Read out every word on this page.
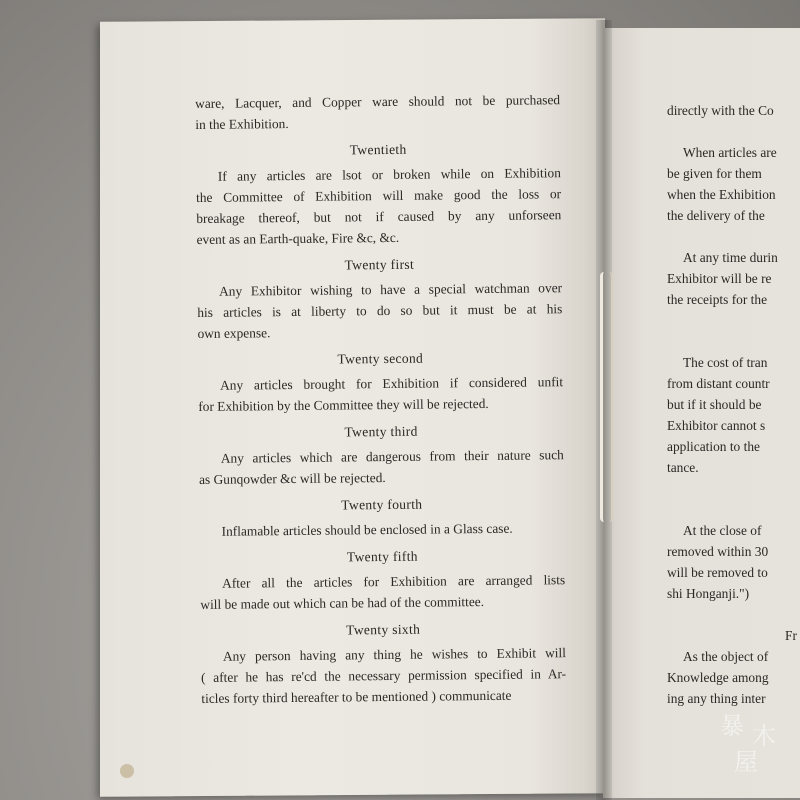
ware, Lacquer, and Copper ware should not be purchased

in the Exhibition.

Twentieth

If any articles are lsot or broken while on Exhibition

the Committee of Exhibition will make good the loss or

breakage thereof, but not if caused by any unforseen

event as an Earth-quake, Fire &c, &c.

Twenty first

Any Exhibitor wishing to have a special watchman over

his articles is at liberty to do so but it must be at his

own expense.

Twenty second

Any articles brought for Exhibition if considered unfit

for Exhibition by the Committee they will be rejected.

Twenty third

Any articles which are dangerous from their nature such

as Gunqowder &c will be rejected.

Twenty fourth

Inflamable articles should be enclosed in a Glass case.

Twenty fifth

After all the articles for Exhibition are arranged lists

will be made out which can be had of the committee.

Twenty sixth

Any person having any thing he wishes to Exhibit will

( after he has re'cd the necessary permission specified in Ar-

ticles forty third hereafter to be mentioned ) communicate

directly with the Co
When articles are
be given for them
when the Exhibition
the delivery of the
At any time durin
Exhibitor will be re
the receipts for the
The cost of tran
from distant countr
but if it should be
Exhibitor cannot s
application to the
tance.
At the close of
removed within 30
will be removed to
shi Honganji.")
Fr
As the object of
Knowledge among
ing any thing inter
暴 木
屋
